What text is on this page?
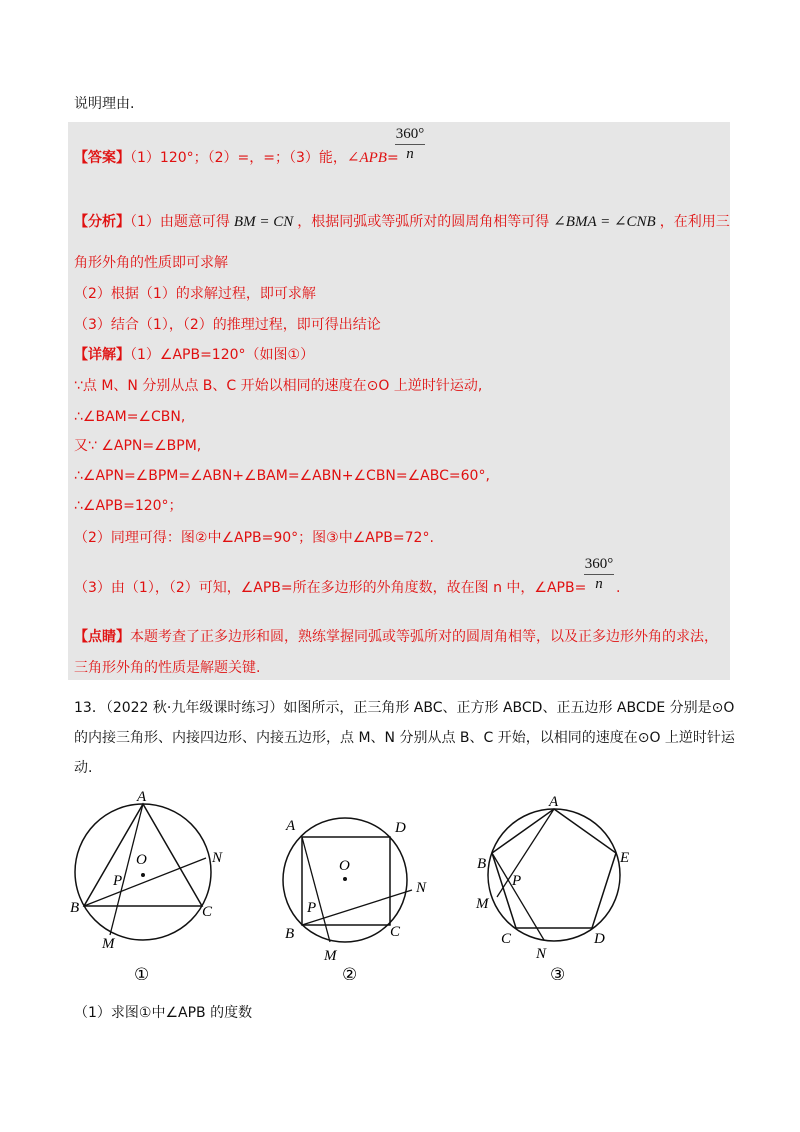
说明理由.
【答案】（1）120°；（2）=，=；（3）能，∠APB=
360°
n
【分析】（1）由题意可得 BM = CN ，根据同弧或等弧所对的圆周角相等可得 ∠BMA = ∠CNB ，在利用三
角形外角的性质即可求解
（2）根据（1）的求解过程，即可求解
（3）结合（1），（2）的推理过程，即可得出结论
【详解】（1）∠APB=120°（如图①）
∵点 M、N 分别从点 B、C 开始以相同的速度在⊙O 上逆时针运动,
∴∠BAM=∠CBN,
又∵ ∠APN=∠BPM,
∴∠APN=∠BPM=∠ABN+∠BAM=∠ABN+∠CBN=∠ABC=60°,
∴∠APB=120°；
（2）同理可得：图②中∠APB=90°；图③中∠APB=72°.
（3）由（1），（2）可知，∠APB=所在多边形的外角度数，故在图 n 中，∠APB=
360°
n .
【点睛】本题考查了正多边形和圆，熟练掌握同弧或等弧所对的圆周角相等，以及正多边形外角的求法，
三角形外角的性质是解题关键.
13．（2022 秋·九年级课时练习）如图所示，正三角形 ABC、正方形 ABCD、正五边形 ABCDE 分别是⊙O
的内接三角形、内接四边形、内接五边形，点 M、N 分别从点 B、C 开始，以相同的速度在⊙O 上逆时针运
动.
A
O	N
P
B	C
M
①
A	D
O
N
P
B	C
M
②
A
B	E
P
M
C
N
D
③
（1）求图①中∠APB 的度数
